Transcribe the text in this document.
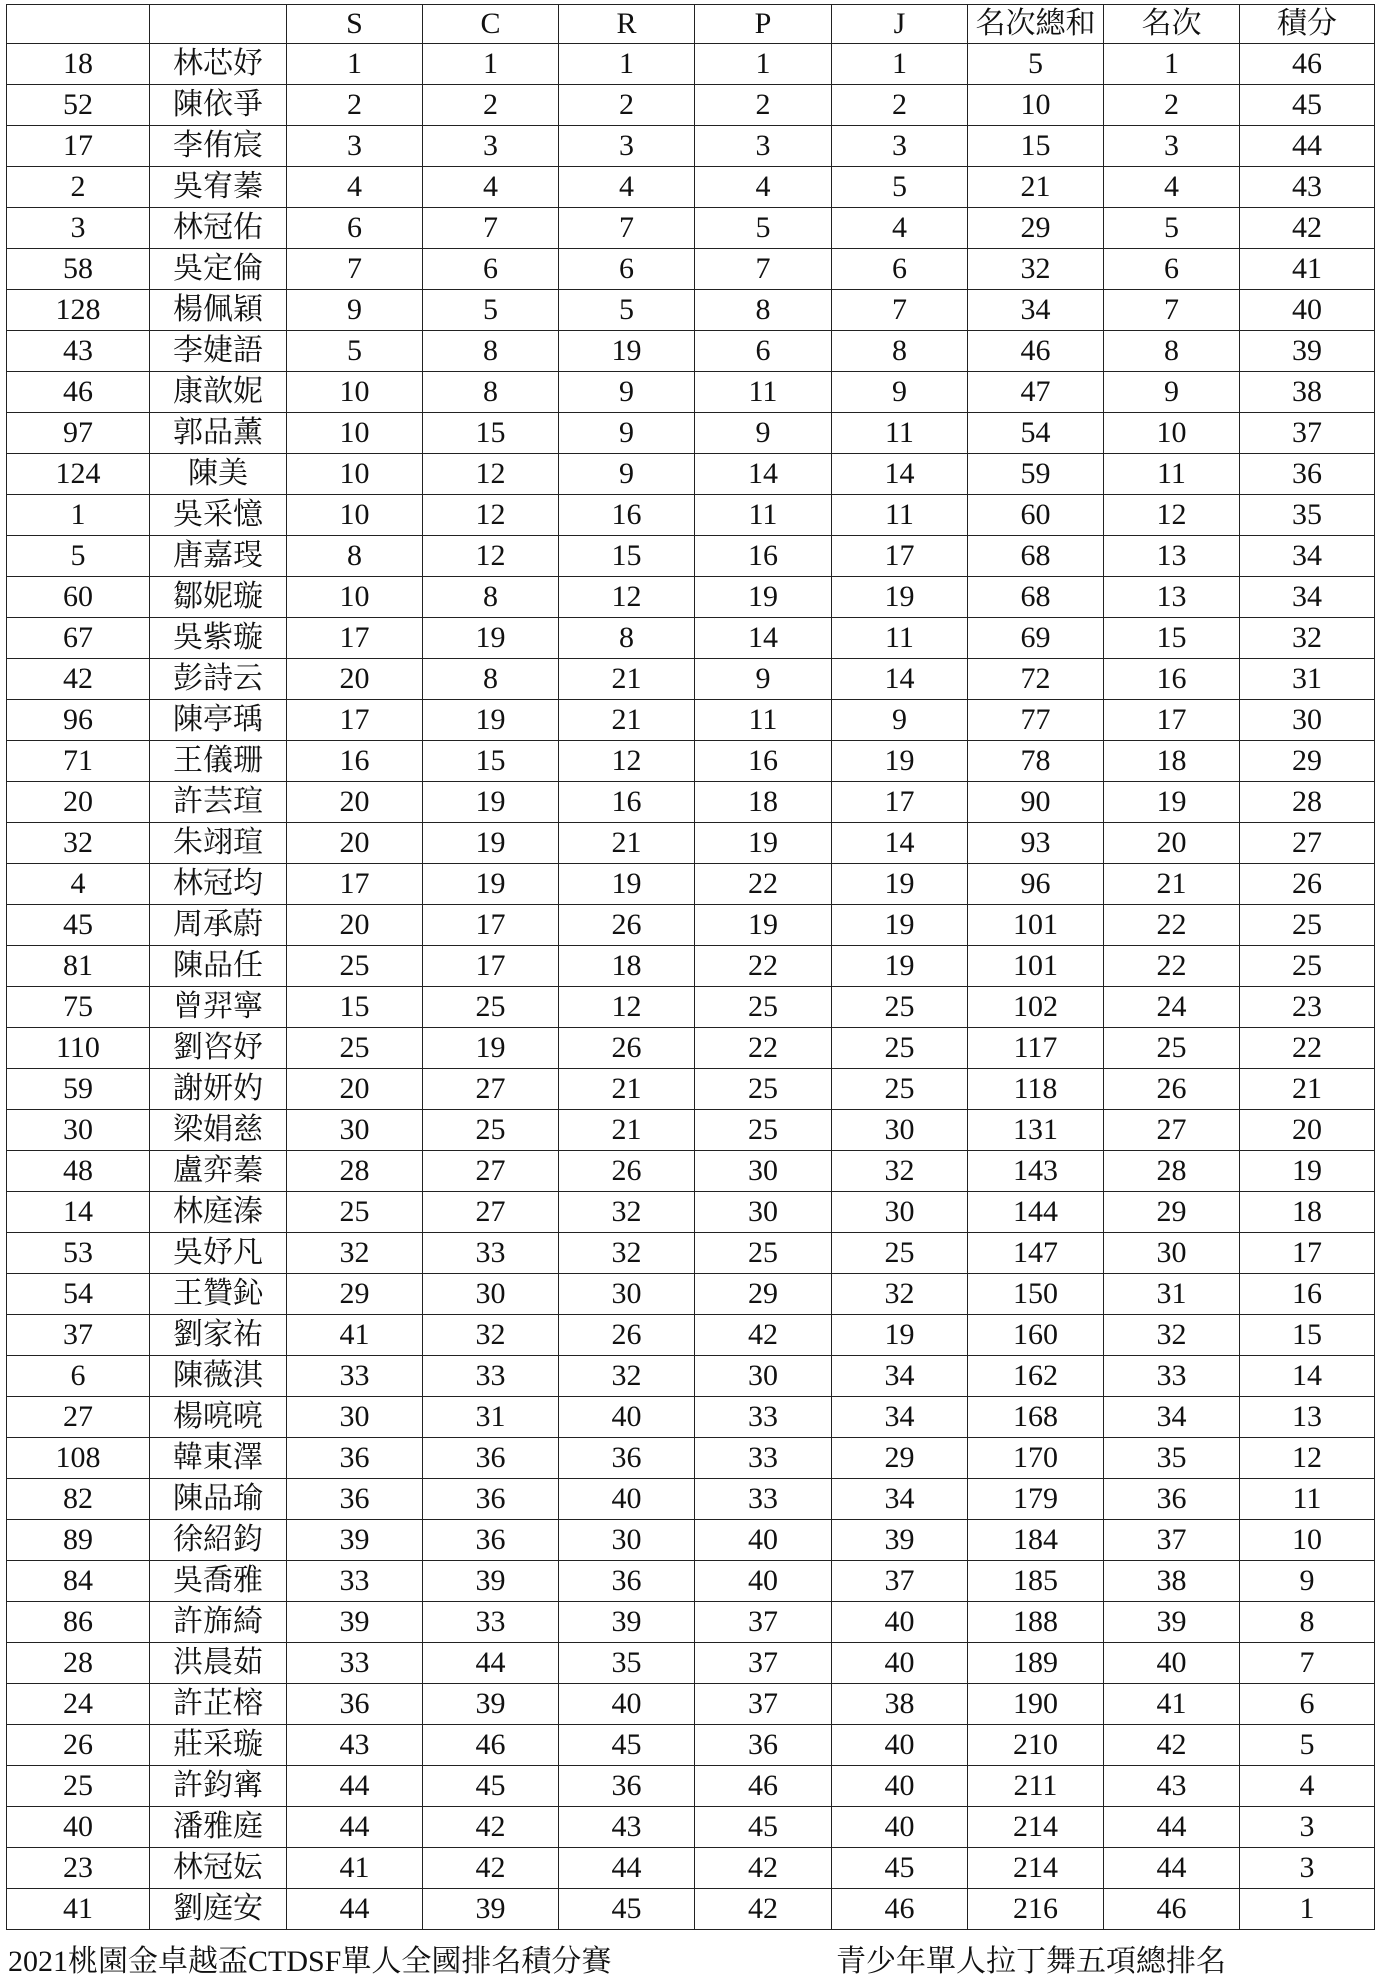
		S	C	R	P	J	名次總和	名次	積分
18	林芯妤	1	1	1	1	1	5	1	46
52	陳依爭	2	2	2	2	2	10	2	45
17	李侑宸	3	3	3	3	3	15	3	44
2	吳宥蓁	4	4	4	4	5	21	4	43
3	林冠佑	6	7	7	5	4	29	5	42
58	吳定倫	7	6	6	7	6	32	6	41
128	楊佩穎	9	5	5	8	7	34	7	40
43	李婕語	5	8	19	6	8	46	8	39
46	康歆妮	10	8	9	11	9	47	9	38
97	郭品薰	10	15	9	9	11	54	10	37
124	陳美	10	12	9	14	14	59	11	36
1	吳采憶	10	12	16	11	11	60	12	35
5	唐嘉琝	8	12	15	16	17	68	13	34
60	鄒妮璇	10	8	12	19	19	68	13	34
67	吳紫璇	17	19	8	14	11	69	15	32
42	彭詩云	20	8	21	9	14	72	16	31
96	陳亭瑀	17	19	21	11	9	77	17	30
71	王儀珊	16	15	12	16	19	78	18	29
20	許芸瑄	20	19	16	18	17	90	19	28
32	朱翊瑄	20	19	21	19	14	93	20	27
4	林冠均	17	19	19	22	19	96	21	26
45	周承蔚	20	17	26	19	19	101	22	25
81	陳品任	25	17	18	22	19	101	22	25
75	曾羿寧	15	25	12	25	25	102	24	23
110	劉咨妤	25	19	26	22	25	117	25	22
59	謝妍妁	20	27	21	25	25	118	26	21
30	梁娟慈	30	25	21	25	30	131	27	20
48	盧弈蓁	28	27	26	30	32	143	28	19
14	林庭溱	25	27	32	30	30	144	29	18
53	吳妤凡	32	33	32	25	25	147	30	17
54	王贊鈊	29	30	30	29	32	150	31	16
37	劉家祐	41	32	26	42	19	160	32	15
6	陳薇淇	33	33	32	30	34	162	33	14
27	楊喨喨	30	31	40	33	34	168	34	13
108	韓東澤	36	36	36	33	29	170	35	12
82	陳品瑜	36	36	40	33	34	179	36	11
89	徐紹鈞	39	36	30	40	39	184	37	10
84	吳喬雅	33	39	36	40	37	185	38	9
86	許旆綺	39	33	39	37	40	188	39	8
28	洪晨茹	33	44	35	37	40	189	40	7
24	許芷榕	36	39	40	37	38	190	41	6
26	莊采璇	43	46	45	36	40	210	42	5
25	許鈞寗	44	45	36	46	40	211	43	4
40	潘雅庭	44	42	43	45	40	214	44	3
23	林冠妘	41	42	44	42	45	214	44	3
41	劉庭安	44	39	45	42	46	216	46	1
2021桃園金卓越盃CTDSF單人全國排名積分賽	青少年單人拉丁舞五項總排名
